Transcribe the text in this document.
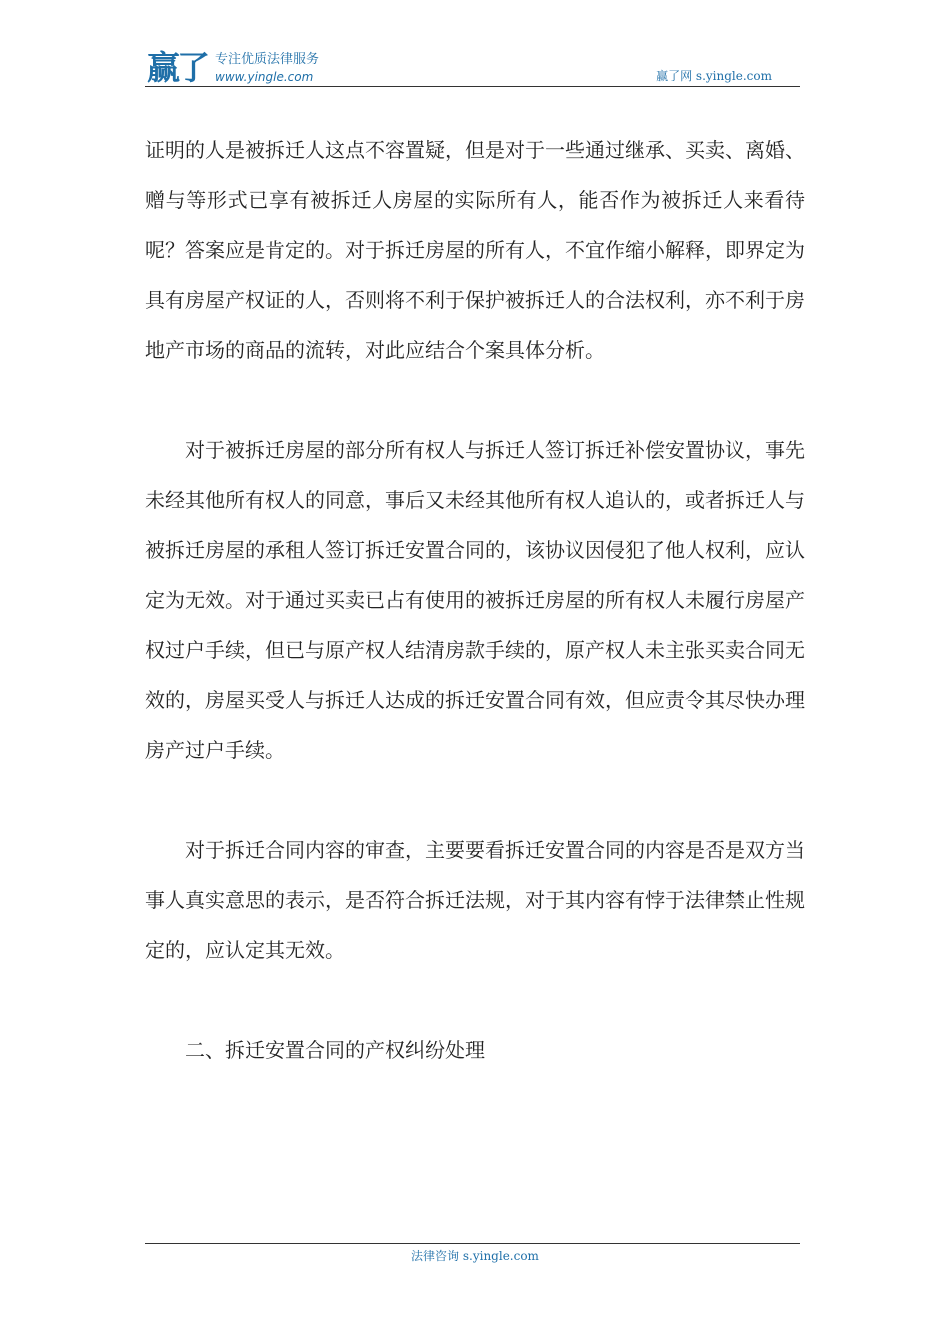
赢了 专注优质法律服务
www.yingle.com	赢了网 s.yingle.com

证明的人是被拆迁人这点不容置疑，但是对于一些通过继承、买卖、离婚、赠与等形式已享有被拆迁人房屋的实际所有人，能否作为被拆迁人来看待呢？答案应是肯定的。对于拆迁房屋的所有人，不宜作缩小解释，即界定为具有房屋产权证的人，否则将不利于保护被拆迁人的合法权利，亦不利于房地产市场的商品的流转，对此应结合个案具体分析。

对于被拆迁房屋的部分所有权人与拆迁人签订拆迁补偿安置协议，事先未经其他所有权人的同意，事后又未经其他所有权人追认的，或者拆迁人与被拆迁房屋的承租人签订拆迁安置合同的，该协议因侵犯了他人权利，应认定为无效。对于通过买卖已占有使用的被拆迁房屋的所有权人未履行房屋产权过户手续，但已与原产权人结清房款手续的，原产权人未主张买卖合同无效的，房屋买受人与拆迁人达成的拆迁安置合同有效，但应责令其尽快办理房产过户手续。

对于拆迁合同内容的审查，主要要看拆迁安置合同的内容是否是双方当事人真实意思的表示，是否符合拆迁法规，对于其内容有悖于法律禁止性规定的，应认定其无效。

二、拆迁安置合同的产权纠纷处理

法律咨询 s.yingle.com
